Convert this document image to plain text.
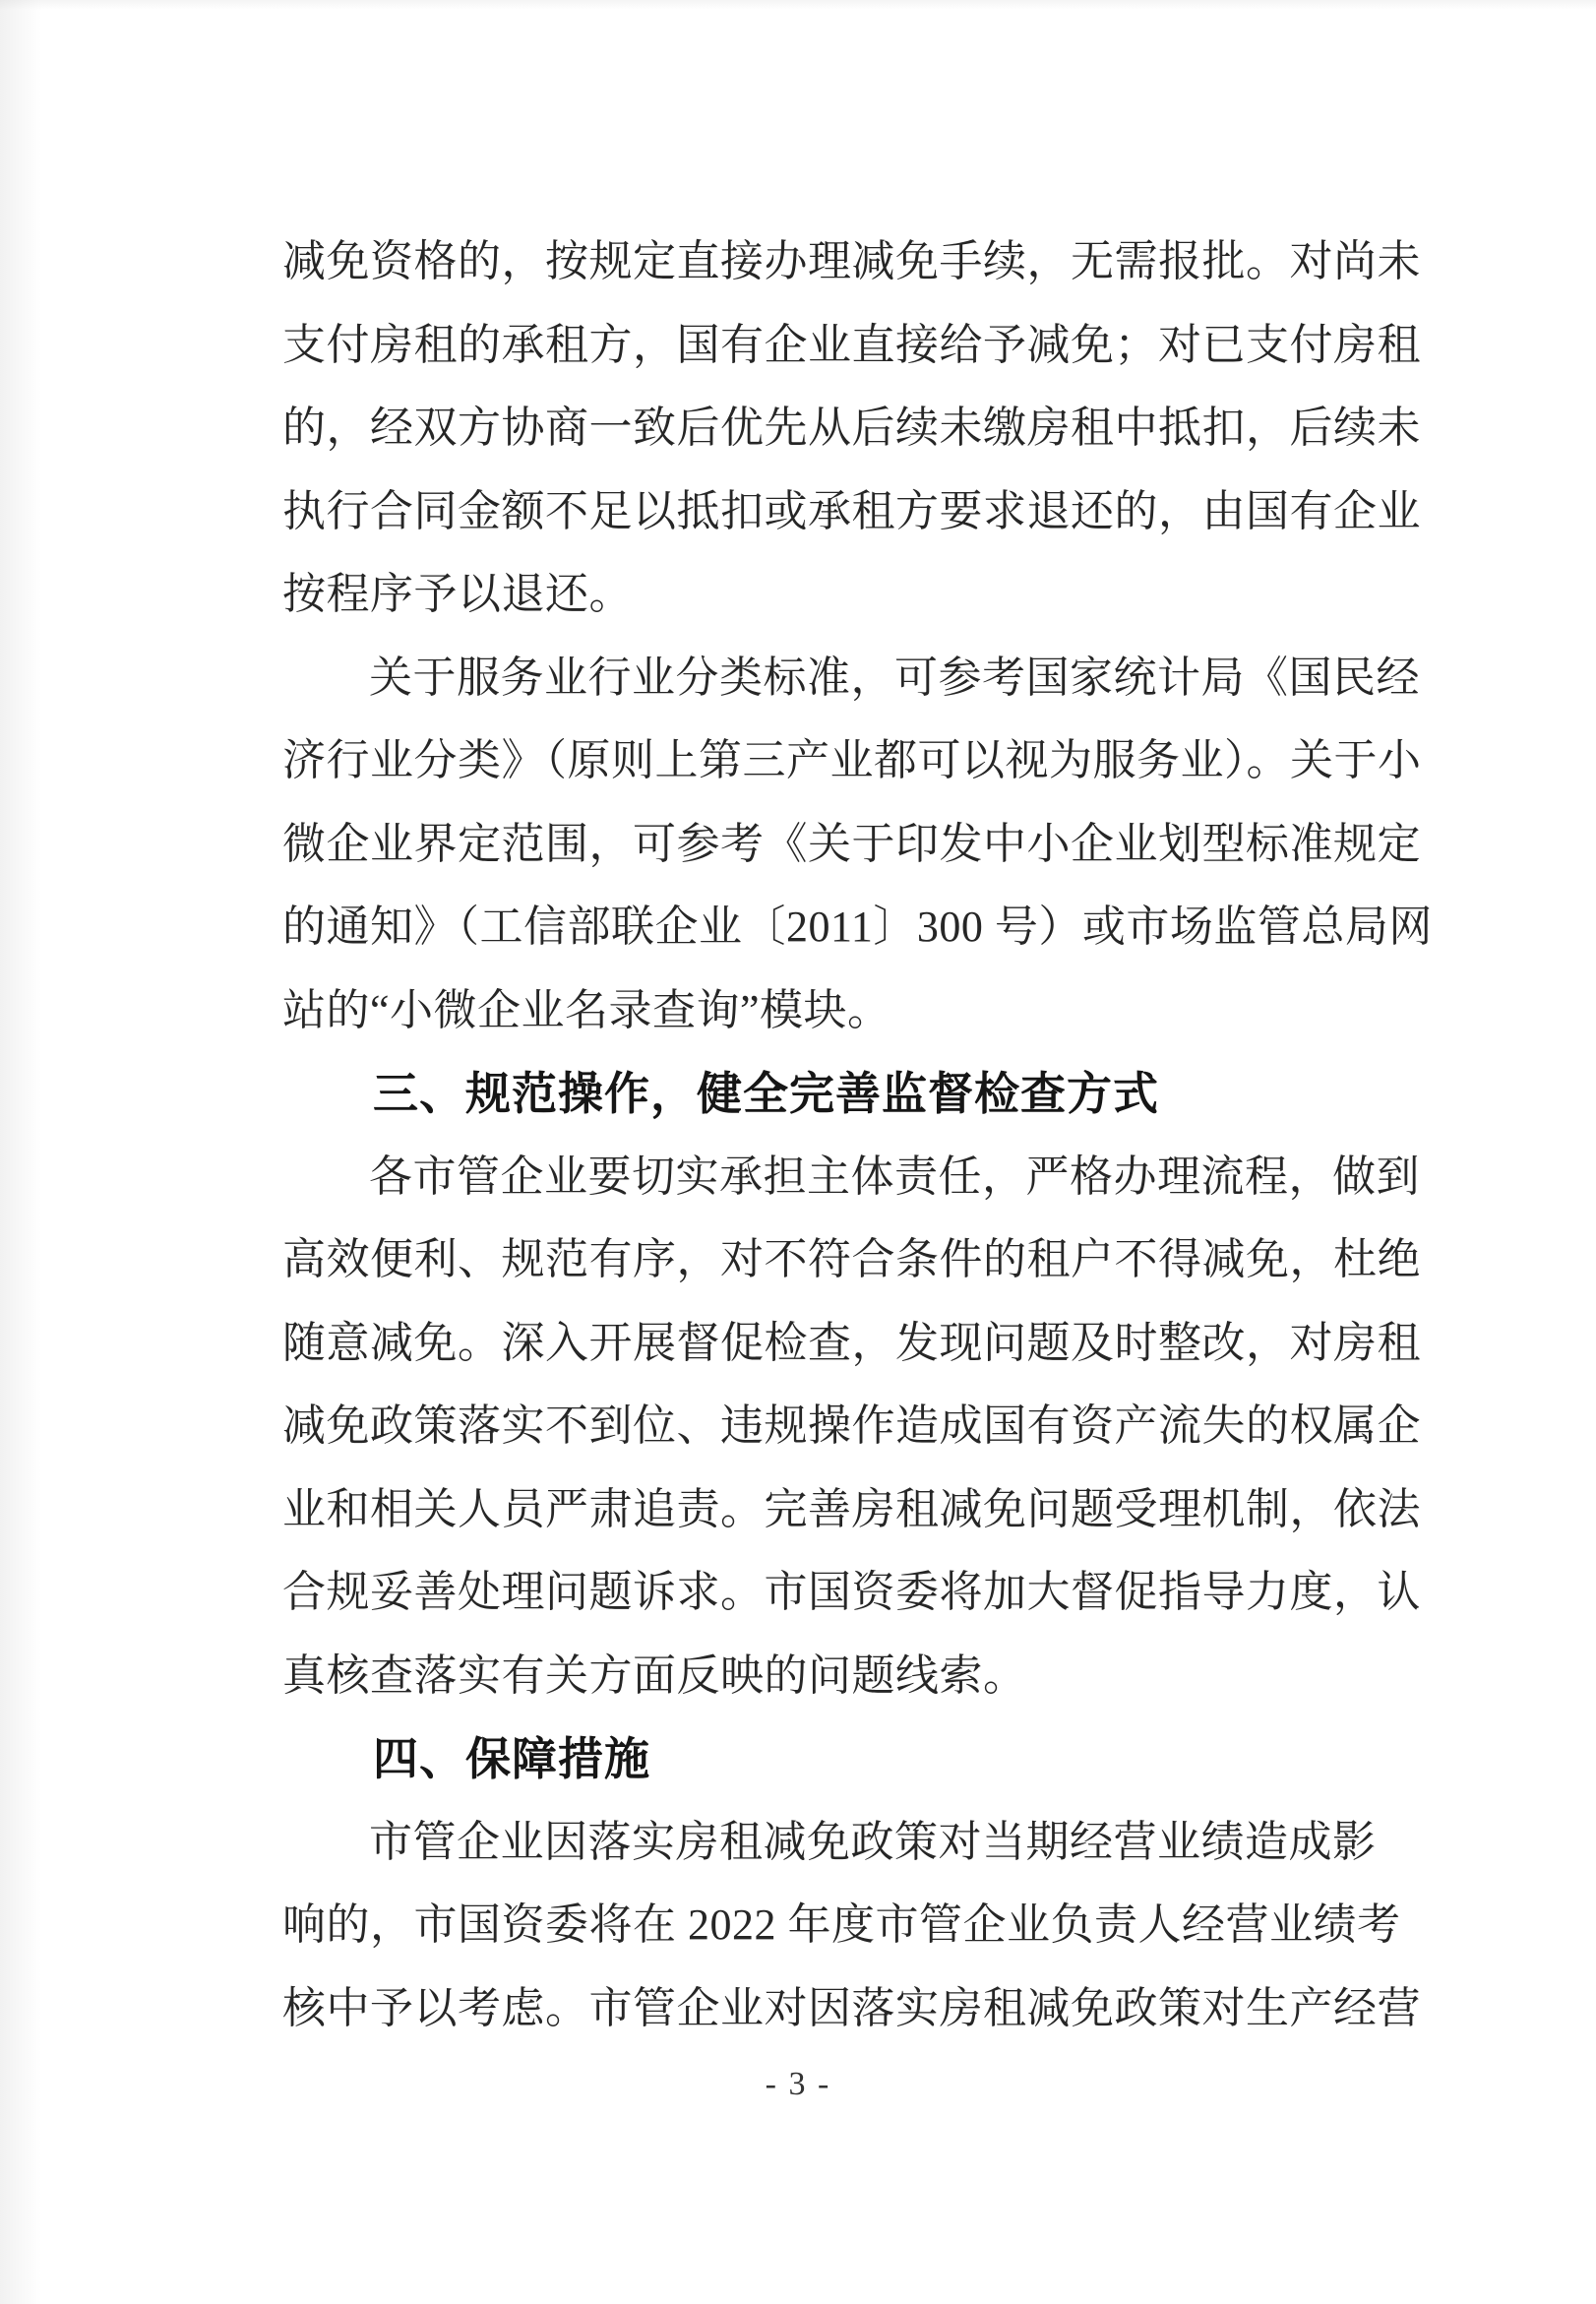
减免资格的，按规定直接办理减免手续，无需报批。对尚未
支付房租的承租方，国有企业直接给予减免；对已支付房租
的，经双方协商一致后优先从后续未缴房租中抵扣，后续未
执行合同金额不足以抵扣或承租方要求退还的，由国有企业
按程序予以退还。
关于服务业行业分类标准，可参考国家统计局《国民经
济行业分类》（原则上第三产业都可以视为服务业）。关于小
微企业界定范围，可参考《关于印发中小企业划型标准规定
的通知》（工信部联企业〔2011〕300 号）或市场监管总局网
站的“小微企业名录查询”模块。
三、规范操作，健全完善监督检查方式
各市管企业要切实承担主体责任，严格办理流程，做到
高效便利、规范有序，对不符合条件的租户不得减免，杜绝
随意减免。深入开展督促检查，发现问题及时整改，对房租
减免政策落实不到位、违规操作造成国有资产流失的权属企
业和相关人员严肃追责。完善房租减免问题受理机制，依法
合规妥善处理问题诉求。市国资委将加大督促指导力度，认
真核查落实有关方面反映的问题线索。
四、保障措施
市管企业因落实房租减免政策对当期经营业绩造成影
响的，市国资委将在 2022 年度市管企业负责人经营业绩考
核中予以考虑。市管企业对因落实房租减免政策对生产经营
- 3 -
